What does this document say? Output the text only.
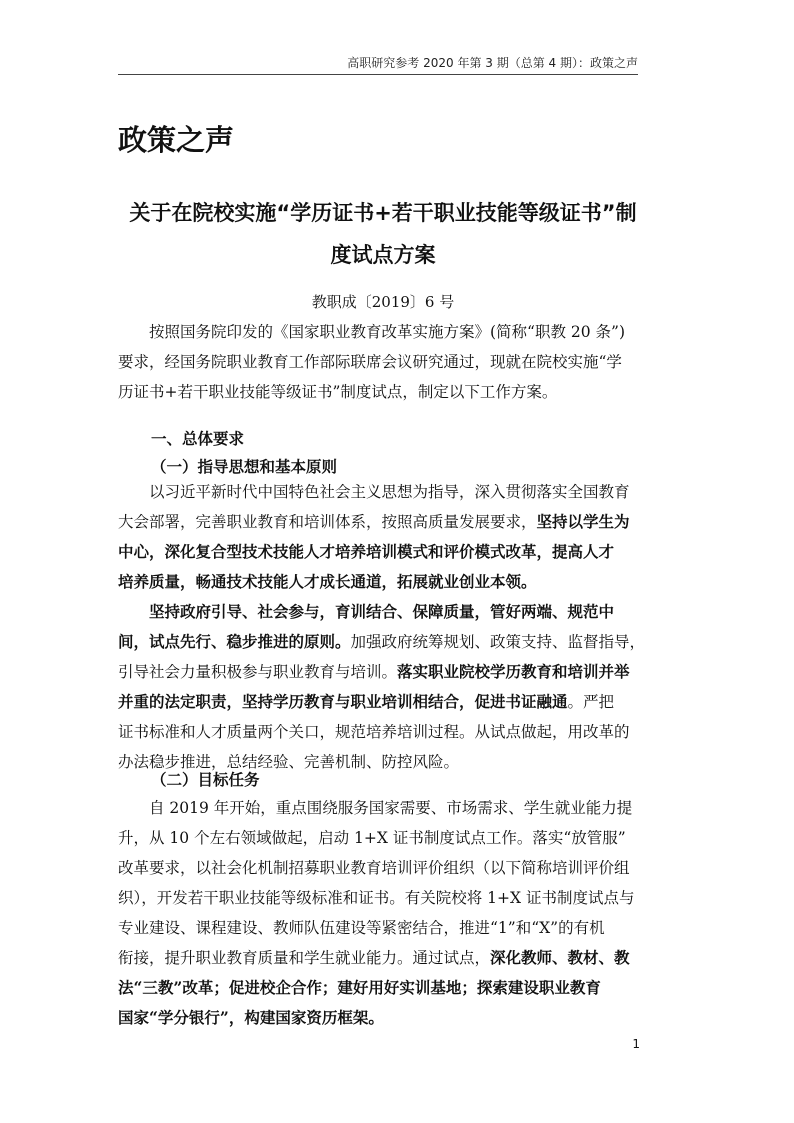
高职研究参考 2020 年第 3 期（总第 4 期）：政策之声
政策之声
关于在院校实施“学历证书+若干职业技能等级证书”制
度试点方案
教职成〔2019〕6 号
按照国务院印发的《国家职业教育改革实施方案》(简称“职教 20 条”)
要求，经国务院职业教育工作部际联席会议研究通过，现就在院校实施“学
历证书+若干职业技能等级证书”制度试点，制定以下工作方案。
一、总体要求
（一）指导思想和基本原则
以习近平新时代中国特色社会主义思想为指导，深入贯彻落实全国教育
大会部署，完善职业教育和培训体系，按照高质量发展要求，坚持以学生为
中心，深化复合型技术技能人才培养培训模式和评价模式改革，提高人才
培养质量，畅通技术技能人才成长通道，拓展就业创业本领。
坚持政府引导、社会参与，育训结合、保障质量，管好两端、规范中
间，试点先行、稳步推进的原则。加强政府统筹规划、政策支持、监督指导，
引导社会力量积极参与职业教育与培训。落实职业院校学历教育和培训并举
并重的法定职责，坚持学历教育与职业培训相结合，促进书证融通。严把
证书标准和人才质量两个关口，规范培养培训过程。从试点做起，用改革的
办法稳步推进，总结经验、完善机制、防控风险。
（二）目标任务
自 2019 年开始，重点围绕服务国家需要、市场需求、学生就业能力提
升，从 10 个左右领域做起，启动 1+X 证书制度试点工作。落实“放管服”
改革要求，以社会化机制招募职业教育培训评价组织（以下简称培训评价组
织），开发若干职业技能等级标准和证书。有关院校将 1+X 证书制度试点与
专业建设、课程建设、教师队伍建设等紧密结合，推进“1”和“X”的有机
衔接，提升职业教育质量和学生就业能力。通过试点，深化教师、教材、教
法“三教”改革；促进校企合作；建好用好实训基地；探索建设职业教育
国家“学分银行”，构建国家资历框架。
1
